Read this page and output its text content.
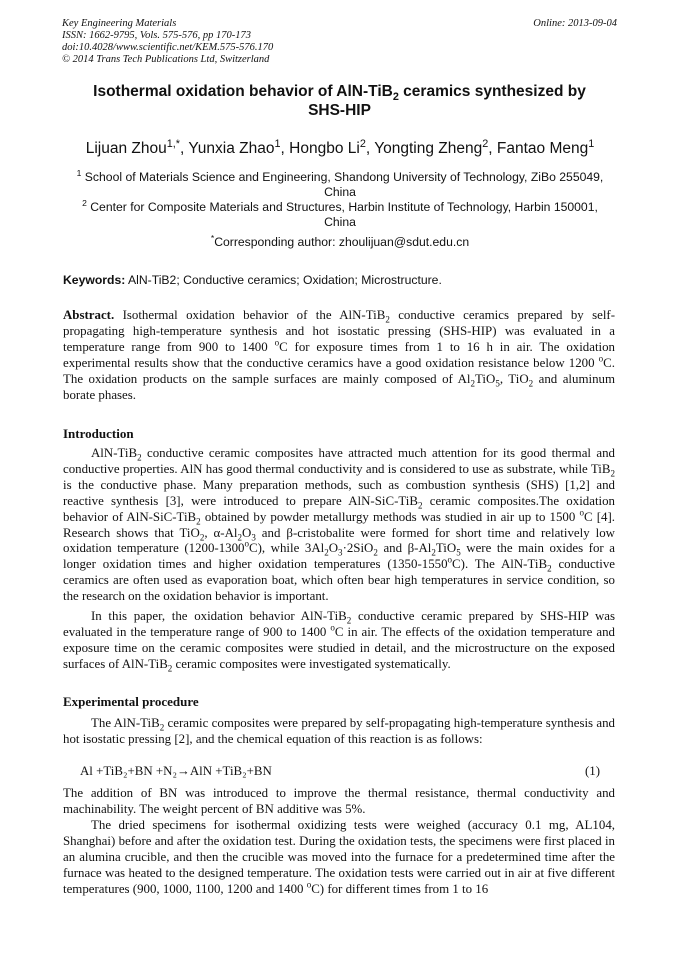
Key Engineering Materials
ISSN: 1662-9795, Vols. 575-576, pp 170-173
doi:10.4028/www.scientific.net/KEM.575-576.170
© 2014 Trans Tech Publications Ltd, Switzerland
Online: 2013-09-04
Isothermal oxidation behavior of AlN-TiB$_2$ ceramics synthesized by
SHS-HIP
Lijuan Zhou$^{1,*}$, Yunxia Zhao$^1$, Hongbo Li$^2$, Yongting Zheng$^2$, Fantao Meng$^1$
$^1$ School of Materials Science and Engineering, Shandong University of Technology, ZiBo 255049,
China
$^2$ Center for Composite Materials and Structures, Harbin Institute of Technology, Harbin 150001,
China
*Corresponding author: zhoulijuan@sdut.edu.cn
Keywords: AlN-TiB2; Conductive ceramics; Oxidation; Microstructure.
Abstract. Isothermal oxidation behavior of the AlN-TiB$_2$ conductive ceramics prepared by self-propagating high-temperature synthesis and hot isostatic pressing (SHS-HIP) was evaluated in a temperature range from 900 to 1400 $^o$C for exposure times from 1 to 16 h in air. The oxidation experimental results show that the conductive ceramics have a good oxidation resistance below 1200 $^o$C. The oxidation products on the sample surfaces are mainly composed of $Al_2TiO_5$, TiO$_2$ and aluminum borate phases.
Introduction
AlN-TiB$_2$ conductive ceramic composites have attracted much attention for its good thermal and conductive properties. AlN has good thermal conductivity and is considered to use as substrate, while TiB$_2$ is the conductive phase. Many preparation methods, such as combustion synthesis (SHS) [1,2] and reactive synthesis [3], were introduced to prepare AlN-SiC-TiB$_2$ ceramic composites.The oxidation behavior of AlN-SiC-TiB$_2$ obtained by powder metallurgy methods was studied in air up to 1500 $^o$C [4]. Research shows that TiO$_2$, $\alpha-Al_2O_3$ and β-cristobalite were formed for short time and relatively low oxidation temperature (1200-1300$^o$C), while $3Al_2O_3\cdot 2SiO_2$ and $\beta-Al_2TiO_5$ were the main oxides for a longer oxidation times and higher oxidation temperatures (1350-1550$^o$C). The AlN-TiB$_2$ conductive ceramics are often used as evaporation boat, which often bear high temperatures in service condition, so the research on the oxidation behavior is important.
In this paper, the oxidation behavior AlN-TiB$_2$ conductive ceramic prepared by SHS-HIP was evaluated in the temperature range of 900 to 1400 $^o$C in air. The effects of the oxidation temperature and exposure time on the ceramic composites were studied in detail, and the microstructure on the exposed surfaces of AlN-TiB$_2$ ceramic composites were investigated systematically.
Experimental procedure
The AlN-TiB$_2$ ceramic composites were prepared by self-propagating high-temperature synthesis and hot isostatic pressing [2], and the chemical equation of this reaction is as follows:
Al +TiB₂+BN +N₂→AlN +TiB₂+BN	(1)
The addition of BN was introduced to improve the thermal resistance, thermal conductivity and machinability. The weight percent of BN additive was 5%.
The dried specimens for isothermal oxidizing tests were weighed (accuracy 0.1 mg, AL104, Shanghai) before and after the oxidation test. During the oxidation tests, the specimens were first placed in an alumina crucible, and then the crucible was moved into the furnace for a predetermined time after the furnace was heated to the designed temperature. The oxidation tests were carried out in air at five different temperatures (900, 1000, 1100, 1200 and 1400 $^o$C) for different times from 1 to 16
